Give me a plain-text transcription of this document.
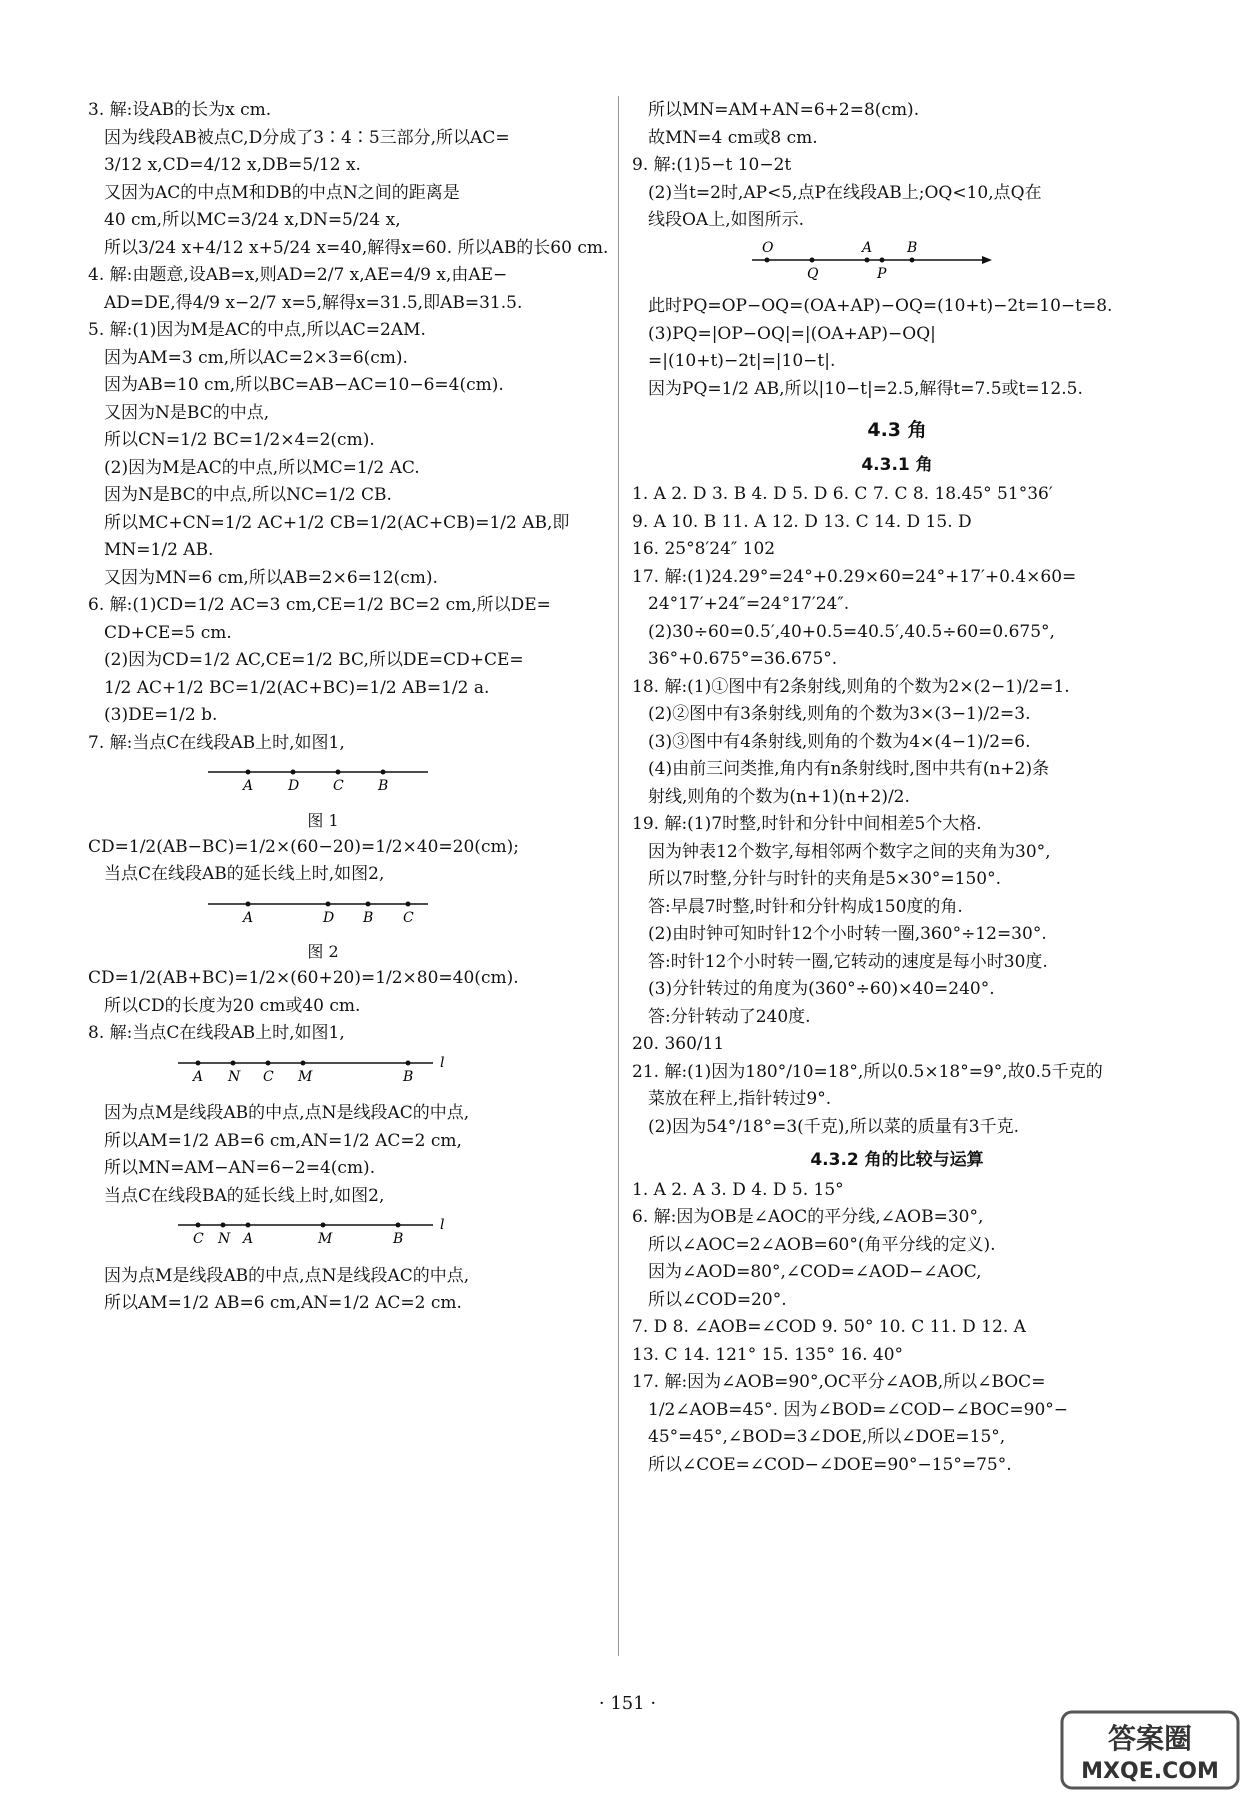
3. 解:设AB的长为x cm.
因为线段AB被点C,D分成了3∶4∶5三部分,所以AC=
3/12 x,CD=4/12 x,DB=5/12 x.
又因为AC的中点M和DB的中点N之间的距离是
40 cm,所以MC=3/24 x,DN=5/24 x,
所以3/24 x+4/12 x+5/24 x=40,解得x=60. 所以AB的长60 cm.
4. 解:由题意,设AB=x,则AD=2/7 x,AE=4/9 x,由AE−
AD=DE,得4/9 x−2/7 x=5,解得x=31.5,即AB=31.5.
5. 解:(1)因为M是AC的中点,所以AC=2AM.
因为AM=3 cm,所以AC=2×3=6(cm).
因为AB=10 cm,所以BC=AB−AC=10−6=4(cm).
又因为N是BC的中点,
所以CN=1/2 BC=1/2×4=2(cm).
(2)因为M是AC的中点,所以MC=1/2 AC.
因为N是BC的中点,所以NC=1/2 CB.
所以MC+CN=1/2 AC+1/2 CB=1/2(AC+CB)=1/2 AB,即
MN=1/2 AB.
又因为MN=6 cm,所以AB=2×6=12(cm).
6. 解:(1)CD=1/2 AC=3 cm,CE=1/2 BC=2 cm,所以DE=
CD+CE=5 cm.
(2)因为CD=1/2 AC,CE=1/2 BC,所以DE=CD+CE=
1/2 AC+1/2 BC=1/2(AC+BC)=1/2 AB=1/2 a.
(3)DE=1/2 b.
7. 解:当点C在线段AB上时,如图1,
A D C B
图 1
CD=1/2(AB−BC)=1/2×(60−20)=1/2×40=20(cm);
当点C在线段AB的延长线上时,如图2,
A	D B C
图 2
CD=1/2(AB+BC)=1/2×(60+20)=1/2×80=40(cm).
所以CD的长度为20 cm或40 cm.
8. 解:当点C在线段AB上时,如图1,
A N C M	B
l
因为点M是线段AB的中点,点N是线段AC的中点,
所以AM=1/2 AB=6 cm,AN=1/2 AC=2 cm,
所以MN=AM−AN=6−2=4(cm).
当点C在线段BA的延长线上时,如图2,
C N A	M	B
l
因为点M是线段AB的中点,点N是线段AC的中点,
所以AM=1/2 AB=6 cm,AN=1/2 AC=2 cm.
所以MN=AM+AN=6+2=8(cm).
故MN=4 cm或8 cm.
9. 解:(1)5−t 10−2t
(2)当t=2时,AP<5,点P在线段AB上;OQ<10,点Q在
线段OA上,如图所示.
O	A B
Q	P
此时PQ=OP−OQ=(OA+AP)−OQ=(10+t)−2t=10−t=8.
(3)PQ=|OP−OQ|=|(OA+AP)−OQ|
=|(10+t)−2t|=|10−t|.
因为PQ=1/2 AB,所以|10−t|=2.5,解得t=7.5或t=12.5.
4.3 角
4.3.1 角
1. A 2. D 3. B 4. D 5. D 6. C 7. C 8. 18.45° 51°36′
9. A 10. B 11. A 12. D 13. C 14. D 15. D
16. 25°8′24″ 102
17. 解:(1)24.29°=24°+0.29×60=24°+17′+0.4×60=
24°17′+24″=24°17′24″.
(2)30÷60=0.5′,40+0.5=40.5′,40.5÷60=0.675°,
36°+0.675°=36.675°.
18. 解:(1)①图中有2条射线,则角的个数为2×(2−1)/2=1.
(2)②图中有3条射线,则角的个数为3×(3−1)/2=3.
(3)③图中有4条射线,则角的个数为4×(4−1)/2=6.
(4)由前三问类推,角内有n条射线时,图中共有(n+2)条
射线,则角的个数为(n+1)(n+2)/2.
19. 解:(1)7时整,时针和分针中间相差5个大格.
因为钟表12个数字,每相邻两个数字之间的夹角为30°,
所以7时整,分针与时针的夹角是5×30°=150°.
答:早晨7时整,时针和分针构成150度的角.
(2)由时钟可知时针12个小时转一圈,360°÷12=30°.
答:时针12个小时转一圈,它转动的速度是每小时30度.
(3)分针转过的角度为(360°÷60)×40=240°.
答:分针转动了240度.
20. 360/11
21. 解:(1)因为180°/10=18°,所以0.5×18°=9°,故0.5千克的
菜放在秤上,指针转过9°.
(2)因为54°/18°=3(千克),所以菜的质量有3千克.
4.3.2 角的比较与运算
1. A 2. A 3. D 4. D 5. 15°
6. 解:因为OB是∠AOC的平分线,∠AOB=30°,
所以∠AOC=2∠AOB=60°(角平分线的定义).
因为∠AOD=80°,∠COD=∠AOD−∠AOC,
所以∠COD=20°.
7. D 8. ∠AOB=∠COD 9. 50° 10. C 11. D 12. A
13. C 14. 121° 15. 135° 16. 40°
17. 解:因为∠AOB=90°,OC平分∠AOB,所以∠BOC=
1/2∠AOB=45°. 因为∠BOD=∠COD−∠BOC=90°−
45°=45°,∠BOD=3∠DOE,所以∠DOE=15°,
所以∠COE=∠COD−∠DOE=90°−15°=75°.
· 151 ·
答案圈
MXQE.COM
